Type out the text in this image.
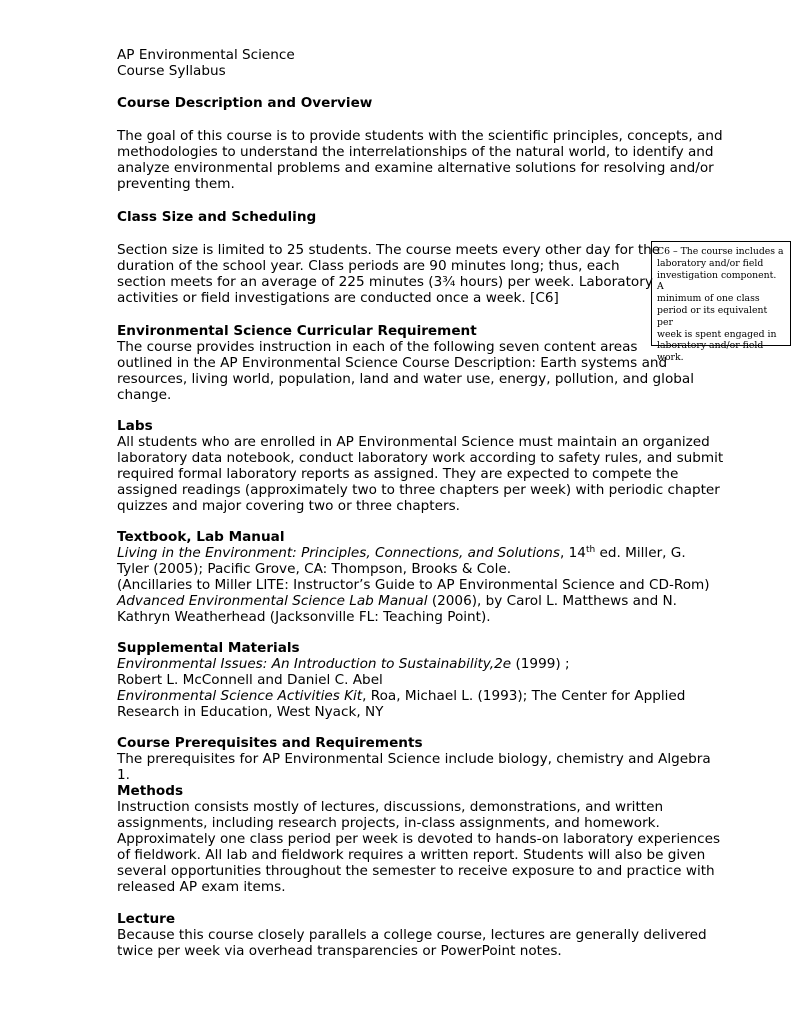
AP Environmental Science
Course Syllabus
Course Description and Overview
The goal of this course is to provide students with the scientific principles, concepts, and
methodologies to understand the interrelationships of the natural world, to identify and
analyze environmental problems and examine alternative solutions for resolving and/or
preventing them.
Class Size and Scheduling
Section size is limited to 25 students. The course meets every other day for the
duration of the school year. Class periods are 90 minutes long; thus, each
section meets for an average of 225 minutes (3¾ hours) per week. Laboratory
activities or field investigations are conducted once a week. [C6]
C6 – The course includes a
laboratory and/or field
investigation component. A
minimum of one class
period or its equivalent per
week is spent engaged in
laboratory and/or field work.
Environmental Science Curricular Requirement
The course provides instruction in each of the following seven content areas
outlined in the AP Environmental Science Course Description: Earth systems and
resources, living world, population, land and water use, energy, pollution, and global
change.
Labs
All students who are enrolled in AP Environmental Science must maintain an organized
laboratory data notebook, conduct laboratory work according to safety rules, and submit
required formal laboratory reports as assigned. They are expected to compete the
assigned readings (approximately two to three chapters per week) with periodic chapter
quizzes and major covering two or three chapters.
Textbook, Lab Manual
Living in the Environment: Principles, Connections, and Solutions, 14th ed. Miller, G.
Tyler (2005); Pacific Grove, CA: Thompson, Brooks & Cole.
(Ancillaries to Miller LITE: Instructor’s Guide to AP Environmental Science and CD-Rom)
Advanced Environmental Science Lab Manual (2006), by Carol L. Matthews and N.
Kathryn Weatherhead (Jacksonville FL: Teaching Point).
Supplemental Materials
Environmental Issues: An Introduction to Sustainability,2e (1999) ;
Robert L. McConnell and Daniel C. Abel
Environmental Science Activities Kit, Roa, Michael L. (1993); The Center for Applied
Research in Education, West Nyack, NY
Course Prerequisites and Requirements
The prerequisites for AP Environmental Science include biology, chemistry and Algebra
1.
Methods
Instruction consists mostly of lectures, discussions, demonstrations, and written
assignments, including research projects, in-class assignments, and homework.
Approximately one class period per week is devoted to hands-on laboratory experiences
of fieldwork. All lab and fieldwork requires a written report. Students will also be given
several opportunities throughout the semester to receive exposure to and practice with
released AP exam items.
Lecture
Because this course closely parallels a college course, lectures are generally delivered
twice per week via overhead transparencies or PowerPoint notes.
